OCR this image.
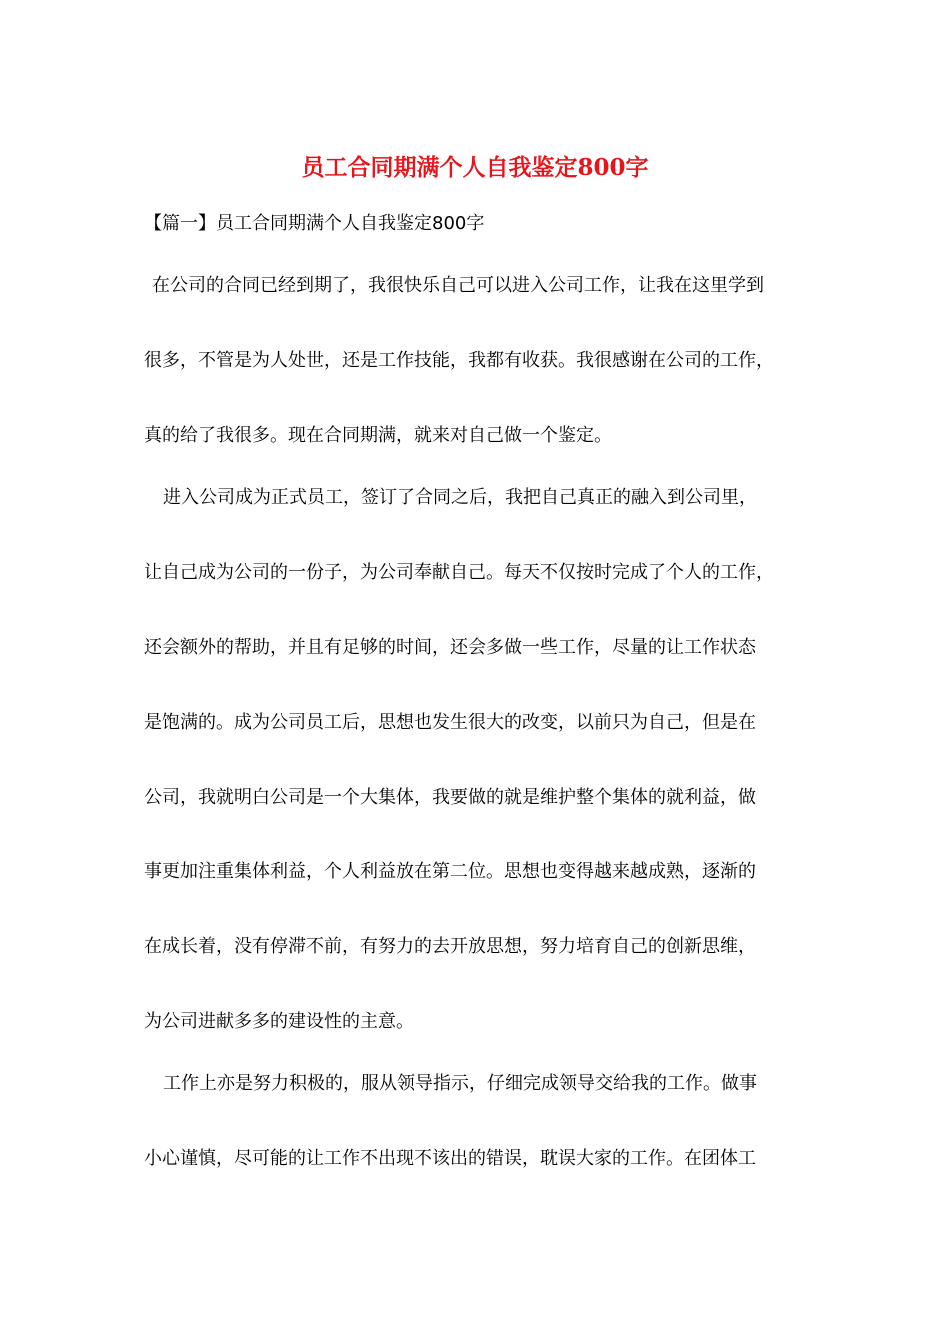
员工合同期满个人自我鉴定800字
【篇一】员工合同期满个人自我鉴定800字
在公司的合同已经到期了，我很快乐自己可以进入公司工作，让我在这里学到
很多，不管是为人处世，还是工作技能，我都有收获。我很感谢在公司的工作，
真的给了我很多。现在合同期满，就来对自己做一个鉴定。
进入公司成为正式员工，签订了合同之后，我把自己真正的融入到公司里，
让自己成为公司的一份子，为公司奉献自己。每天不仅按时完成了个人的工作，
还会额外的帮助，并且有足够的时间，还会多做一些工作，尽量的让工作状态
是饱满的。成为公司员工后，思想也发生很大的改变，以前只为自己，但是在
公司，我就明白公司是一个大集体，我要做的就是维护整个集体的就利益，做
事更加注重集体利益，个人利益放在第二位。思想也变得越来越成熟，逐渐的
在成长着，没有停滞不前，有努力的去开放思想，努力培育自己的创新思维，
为公司进献多多的建设性的主意。
工作上亦是努力积极的，服从领导指示，仔细完成领导交给我的工作。做事
小心谨慎，尽可能的让工作不出现不该出的错误，耽误大家的工作。在团体工
